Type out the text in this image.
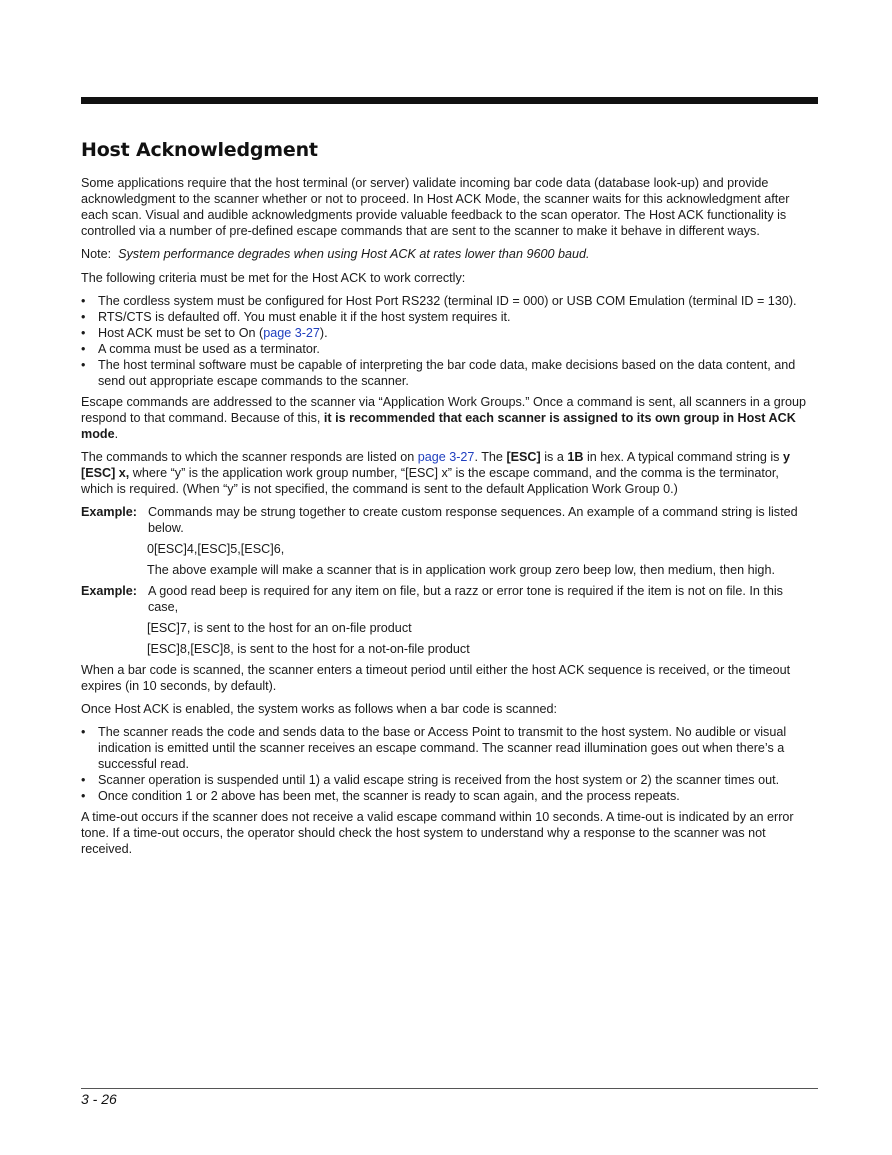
Host Acknowledgment

Some applications require that the host terminal (or server) validate incoming bar code data (database look-up) and provide acknowledgment to the scanner whether or not to proceed. In Host ACK Mode, the scanner waits for this acknowledgment after each scan. Visual and audible acknowledgments provide valuable feedback to the scan operator. The Host ACK functionality is controlled via a number of pre-defined escape commands that are sent to the scanner to make it behave in different ways.

Note: System performance degrades when using Host ACK at rates lower than 9600 baud.

The following criteria must be met for the Host ACK to work correctly:

• The cordless system must be configured for Host Port RS232 (terminal ID = 000) or USB COM Emulation (terminal ID = 130).
• RTS/CTS is defaulted off. You must enable it if the host system requires it.
• Host ACK must be set to On (page 3-27).
• A comma must be used as a terminator.
• The host terminal software must be capable of interpreting the bar code data, make decisions based on the data content, and send out appropriate escape commands to the scanner.

Escape commands are addressed to the scanner via “Application Work Groups.” Once a command is sent, all scanners in a group respond to that command. Because of this, it is recommended that each scanner is assigned to its own group in Host ACK mode.

The commands to which the scanner responds are listed on page 3-27. The [ESC] is a 1B in hex. A typical command string is y [ESC] x, where “y” is the application work group number, “[ESC] x” is the escape command, and the comma is the terminator, which is required. (When “y” is not specified, the command is sent to the default Application Work Group 0.)

Example: Commands may be strung together to create custom response sequences. An example of a command string is listed below.
0[ESC]4,[ESC]5,[ESC]6,
The above example will make a scanner that is in application work group zero beep low, then medium, then high.
Example: A good read beep is required for any item on file, but a razz or error tone is required if the item is not on file. In this case,
[ESC]7, is sent to the host for an on-file product
[ESC]8,[ESC]8, is sent to the host for a not-on-file product

When a bar code is scanned, the scanner enters a timeout period until either the host ACK sequence is received, or the timeout expires (in 10 seconds, by default).

Once Host ACK is enabled, the system works as follows when a bar code is scanned:

• The scanner reads the code and sends data to the base or Access Point to transmit to the host system. No audible or visual indication is emitted until the scanner receives an escape command. The scanner read illumination goes out when there’s a successful read.
• Scanner operation is suspended until 1) a valid escape string is received from the host system or 2) the scanner times out.
• Once condition 1 or 2 above has been met, the scanner is ready to scan again, and the process repeats.

A time-out occurs if the scanner does not receive a valid escape command within 10 seconds. A time-out is indicated by an error tone. If a time-out occurs, the operator should check the host system to understand why a response to the scanner was not received.

3 - 26
